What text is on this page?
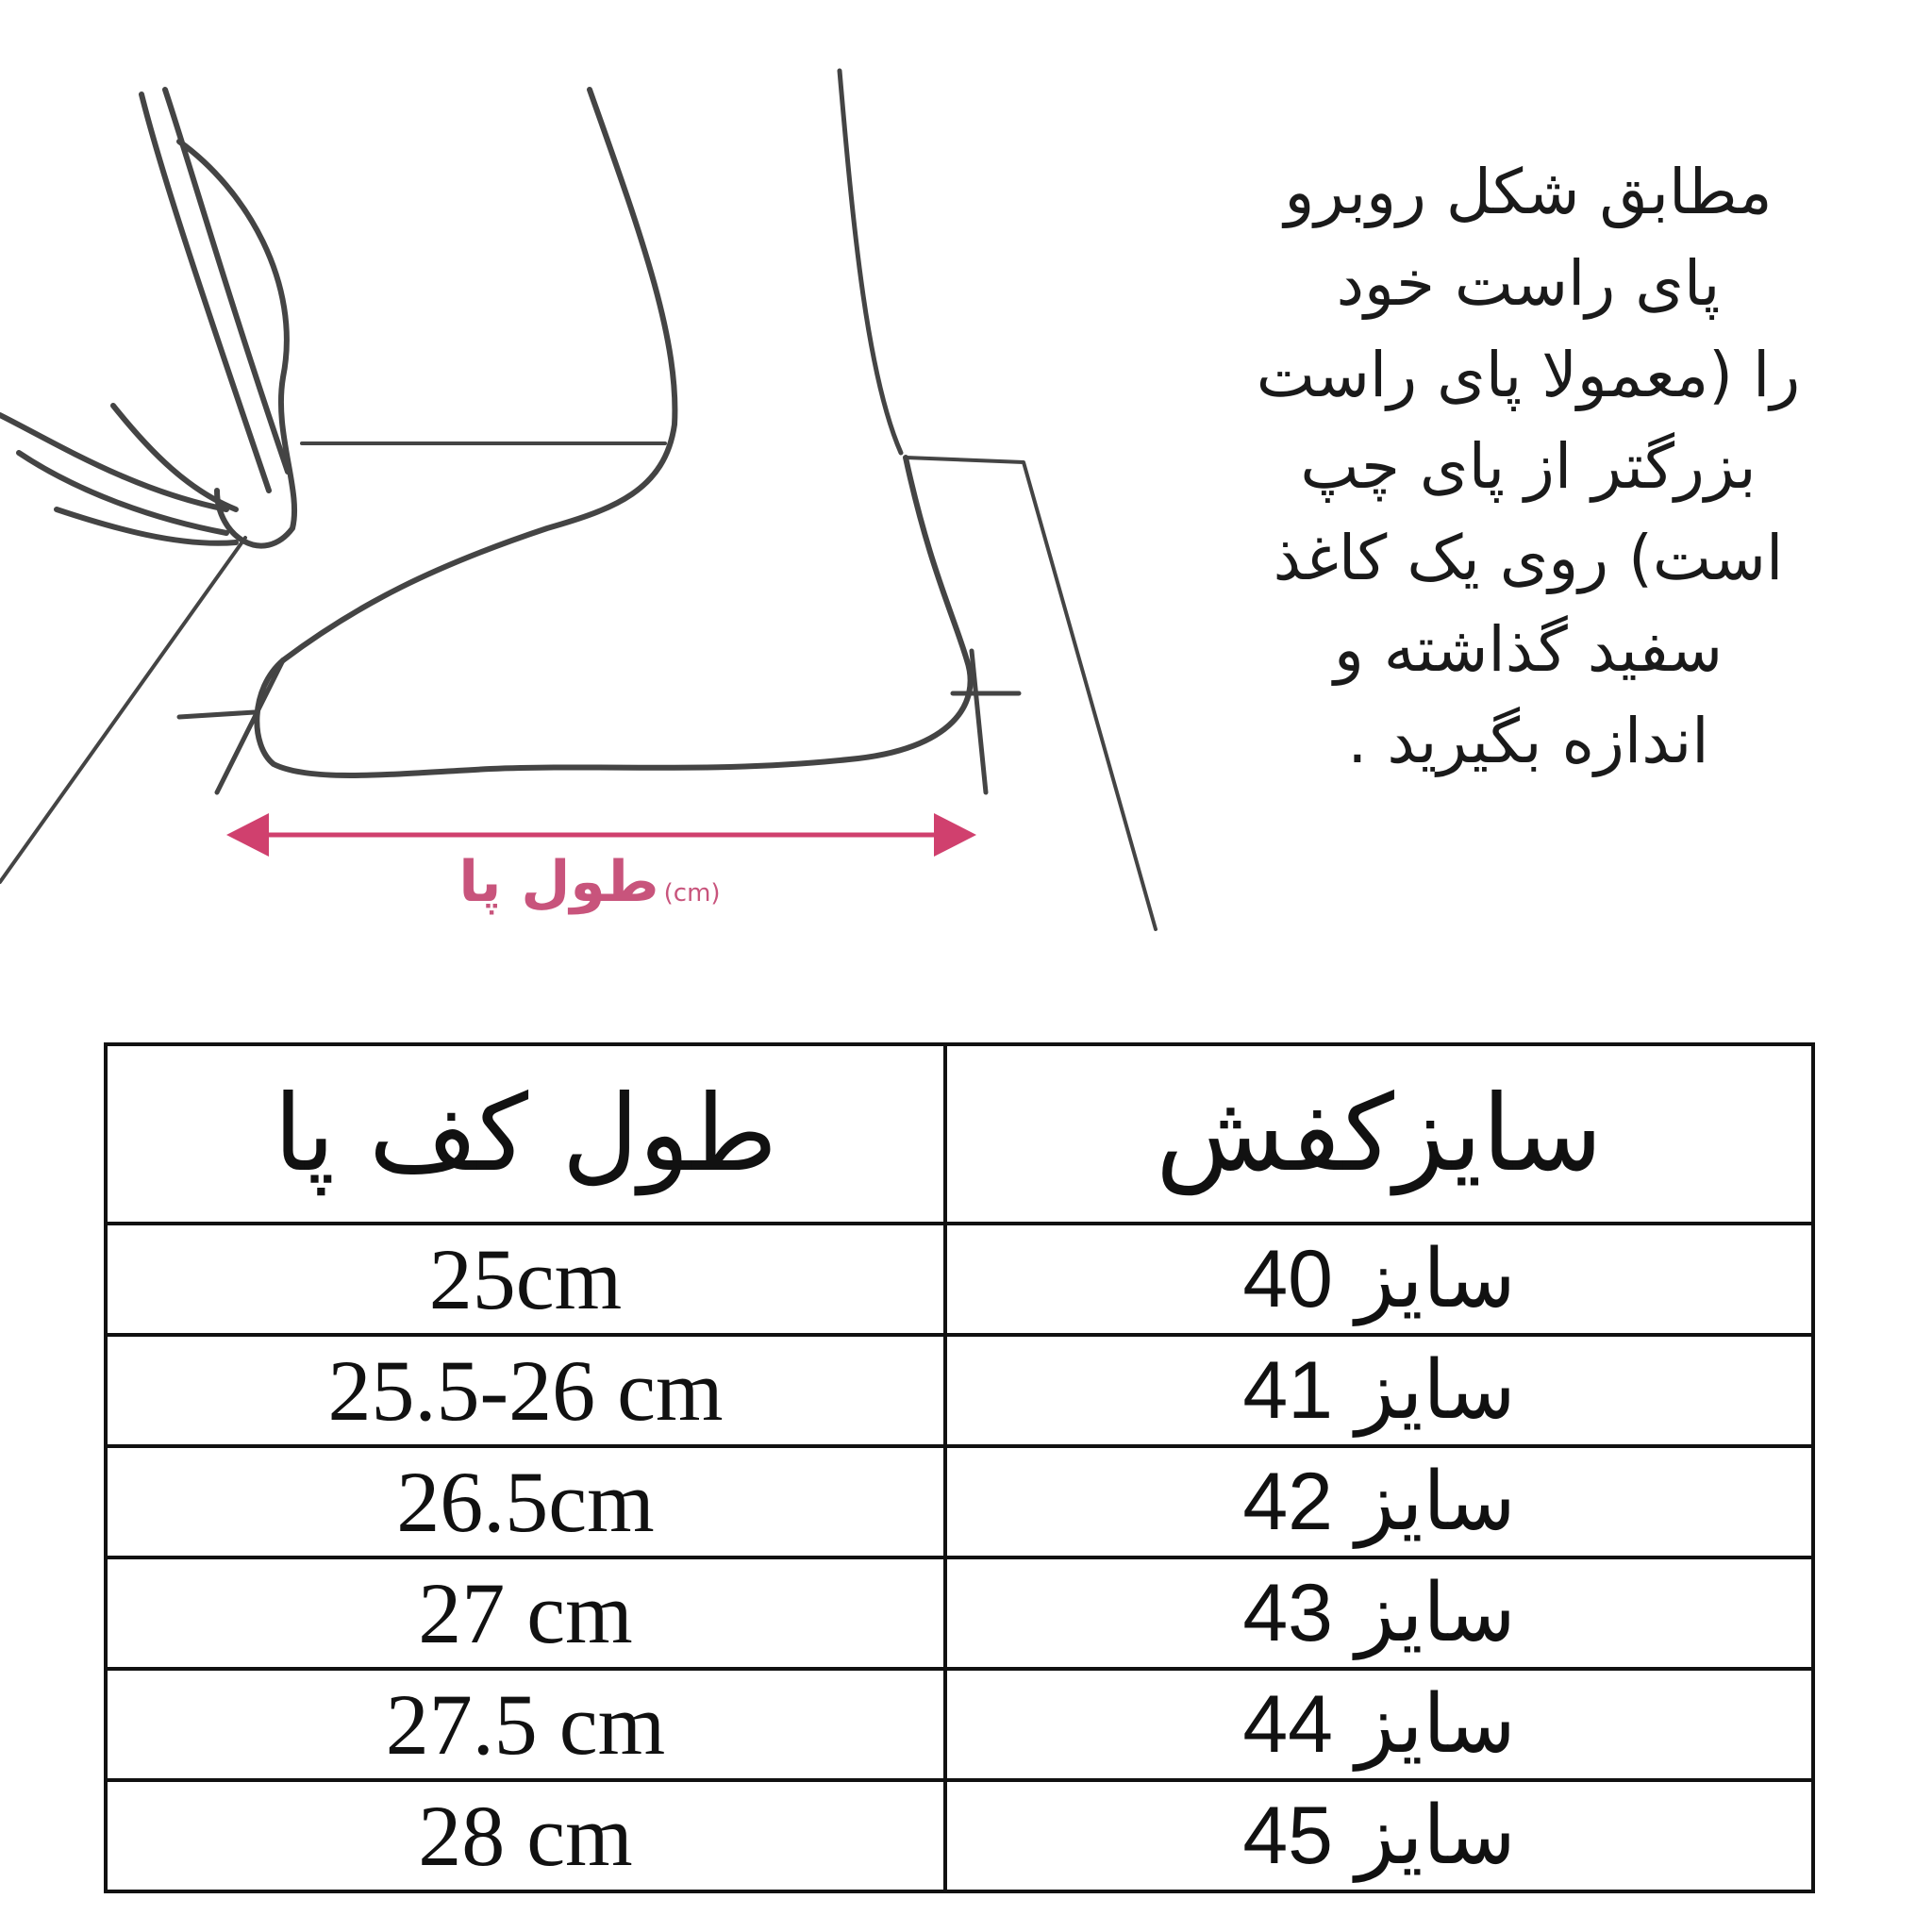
(cm) طول پا
مطابق شکل روبرو
پای راست خود
را (معمولا پای راست
بزرگتر از پای چپ
است) روی یک کاغذ
سفید گذاشته و
اندازه بگیرید .
طول کف پا	سایزکفش
25cm	سایز40
25.5-26 cm	سایز41
26.5cm	سایز42
27 cm	سایز43
27.5 cm	سایز44
28 cm	سایز45
